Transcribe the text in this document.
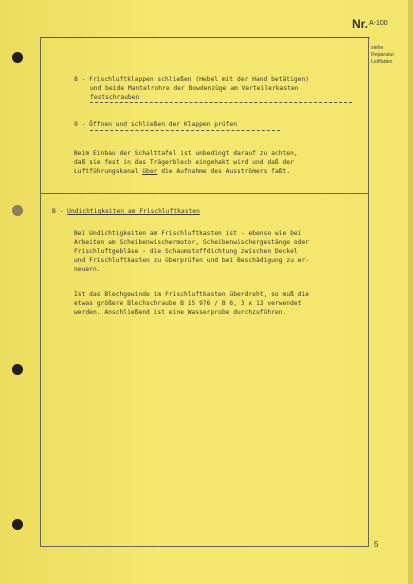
Nr. A-100
siehe
Reparatur
Leitfaden
8 - Frischluftklappen schließen (Hebel mit der Hand betätigen)
und beide Mantelrohre der Bowdenzüge am Verteilerkasten
festschrauben
9 - Öffnen und schließen der Klappen prüfen
Beim Einbau der Schalttafel ist unbedingt darauf zu achten,
daß sie fest in das Trägerblech eingehakt wird und daß der
Luftführungskanal über die Aufnahme des Ausströmers faßt.
B - Undichtigkeiten am Frischluftkasten
Bei Undichtigkeiten am Frischluftkasten ist - ebenso wie bei
Arbeiten am Scheibenwischermotor, Scheibenwischergestänge oder
Frischluftgebläse - die Schaumstoffdichtung zwischen Deckel
und Frischluftkasten zu überprüfen und bei Beschädigung zu er-
neuern.
Ist das Blechgewinde im Frischluftkasten überdreht, so muß die
etwas größere Blechschraube B 15 976 / B 6, 3 x 13 verwendet
werden. Anschließend ist eine Wasserprobe durchzuführen.
5
